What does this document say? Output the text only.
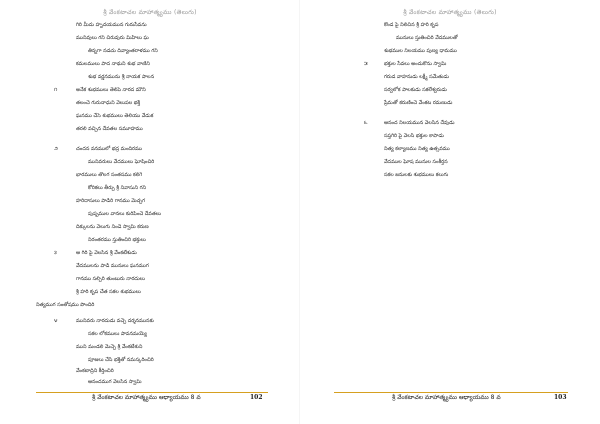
శ్రీ వేంకటాచల మాహాత్మ్యము (తెలుగు)
గిరి మీదు హృదయమున గురుసేవను
మునివులు గని చిరువురు మిహిలు ఘ
తిన్నగా నడచు దివ్యాంతరాళము గని
కమలములు పాద నాథుని శుభ వాణిని
శుభ వర్ణనమును శ్రీ నాయక పాలన
౧	అనేక శుభములు తెలిపె నారద మౌని
తలంచె గురునాధుని వెలుపల భక్తి
ఘనము చేసె శుభములు తెలియు వేడుక
తరలి వచ్చిన దేవతల సమూహము
౨	చందన వనములో భద్ర మందిరము
మునివరులు వేదములు ఘోషించిరి
భారములు తొలగ సంతసము కలిగె
కోరికలు తీర్చు శ్రీ నివాసుని గని
హరిదాసులు పాడిరి గానము మెచ్చగ
పుష్పముల వానలు కురిపించె దేవతలు
దిక్కులను వెలుగు నిండె స్వామి కరుణ
నిరంతరము స్తుతించిరి భక్తులు
౩	ఆ గిరి పై వెలసిన శ్రీ వేంకటేశుడు
వేదములను పాడి మునులు ఘనముగ
గానము సల్పిరి తుంబురు నారదులు
శ్రీ హరి కృప చేత సకల శుభములు
నిత్యముగ సంతోషము పొందిరి
౪	మునివరు నారదుడు వచ్చె దర్శనమునకు
సకల లోకములు పావనమయ్యె
ముని మండలి మెచ్చె శ్రీ వేంకటేశుని
పూజలు చేసి భక్తితో నమస్కరించిరి
వేంకటాద్రిని కీర్తించిరి
ఆనందముగ వెలసిన స్వామి
శ్రీ వేంకటాచల మాహాత్మ్యము ఆధ్యాయము 8 వ	102
శ్రీ వేంకటాచల మాహాత్మ్యము (తెలుగు)
కొండ పై నిలిచిన శ్రీ హరి కృప
మునులు స్తుతించిరి వేదములతో
శుభముల నిలయము పుణ్య ధామము
౫	భక్తుల సేవలు అందుకొను స్వామి
గరుడ వాహనుడు లక్ష్మీ సమేతుడు
సర్వలోక పాలకుడు సకలేశ్వరుడు
ప్రేమతో కరుణించె వేంకట రమణుడు
౬	ఆనంద నిలయమున వెలసిన దేవుడు
సప్తగిరి పై వెలసి భక్తుల కాపాడు
నిత్య కల్యాణము నిత్య ఉత్సవము
వేదముల ఘోష మునుల సంకీర్తన
సకల జనులకు శుభములు కలుగు
శ్రీ వేంకటాచల మాహాత్మ్యము ఆధ్యాయము 8 వ	103
